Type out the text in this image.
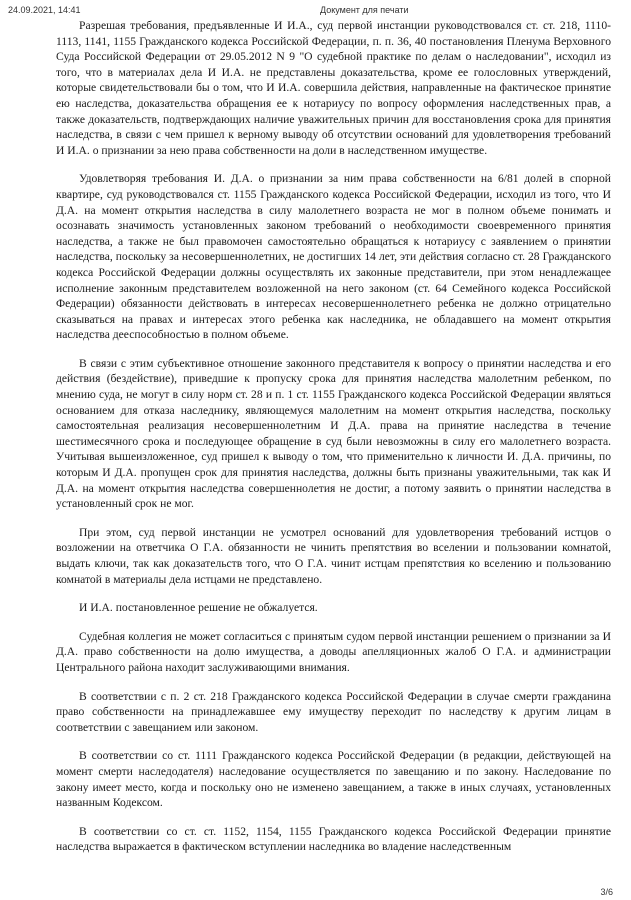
24.09.2021, 14:41	Документ для печати

Разрешая требования, предъявленные И И.А., суд первой инстанции руководствовался ст. ст. 218, 1110-1113, 1141, 1155 Гражданского кодекса Российской Федерации, п. п. 36, 40 постановления Пленума Верховного Суда Российской Федерации от 29.05.2012 N 9 "О судебной практике по делам о наследовании", исходил из того, что в материалах дела И И.А. не представлены доказательства, кроме ее голословных утверждений, которые свидетельствовали бы о том, что И И.А. совершила действия, направленные на фактическое принятие ею наследства, доказательства обращения ее к нотариусу по вопросу оформления наследственных прав, а также доказательств, подтверждающих наличие уважительных причин для восстановления срока для принятия наследства, в связи с чем пришел к верному выводу об отсутствии оснований для удовлетворения требований И И.А. о признании за нею права собственности на доли в наследственном имуществе.

Удовлетворяя требования И. Д.А. о признании за ним права собственности на 6/81 долей в спорной квартире, суд руководствовался ст. 1155 Гражданского кодекса Российской Федерации, исходил из того, что И Д.А. на момент открытия наследства в силу малолетнего возраста не мог в полном объеме понимать и осознавать значимость установленных законом требований о необходимости своевременного принятия наследства, а также не был правомочен самостоятельно обращаться к нотариусу с заявлением о принятии наследства, поскольку за несовершеннолетних, не достигших 14 лет, эти действия согласно ст. 28 Гражданского кодекса Российской Федерации должны осуществлять их законные представители, при этом ненадлежащее исполнение законным представителем возложенной на него законом (ст. 64 Семейного кодекса Российской Федерации) обязанности действовать в интересах несовершеннолетнего ребенка не должно отрицательно сказываться на правах и интересах этого ребенка как наследника, не обладавшего на момент открытия наследства дееспособностью в полном объеме.

В связи с этим субъективное отношение законного представителя к вопросу о принятии наследства и его действия (бездействие), приведшие к пропуску срока для принятия наследства малолетним ребенком, по мнению суда, не могут в силу норм ст. 28 и п. 1 ст. 1155 Гражданского кодекса Российской Федерации являться основанием для отказа наследнику, являющемуся малолетним на момент открытия наследства, поскольку самостоятельная реализация несовершеннолетним И Д.А. права на принятие наследства в течение шестимесячного срока и последующее обращение в суд были невозможны в силу его малолетнего возраста. Учитывая вышеизложенное, суд пришел к выводу о том, что применительно к личности И. Д.А. причины, по которым И Д.А. пропущен срок для принятия наследства, должны быть признаны уважительными, так как И Д.А. на момент открытия наследства совершеннолетия не достиг, а потому заявить о принятии наследства в установленный срок не мог.

При этом, суд первой инстанции не усмотрел оснований для удовлетворения требований истцов о возложении на ответчика О Г.А. обязанности не чинить препятствия во вселении и пользовании комнатой, выдать ключи, так как доказательств того, что О Г.А. чинит истцам препятствия ко вселению и пользованию комнатой в материалы дела истцами не представлено.

И И.А. постановленное решение не обжалуется.

Судебная коллегия не может согласиться с принятым судом первой инстанции решением о признании за И Д.А. право собственности на долю имущества, а доводы апелляционных жалоб О Г.А. и администрации Центрального района находит заслуживающими внимания.

В соответствии с п. 2 ст. 218 Гражданского кодекса Российской Федерации в случае смерти гражданина право собственности на принадлежавшее ему имуществу переходит по наследству к другим лицам в соответствии с завещанием или законом.

В соответствии со ст. 1111 Гражданского кодекса Российской Федерации (в редакции, действующей на момент смерти наследодателя) наследование осуществляется по завещанию и по закону. Наследование по закону имеет место, когда и поскольку оно не изменено завещанием, а также в иных случаях, установленных названным Кодексом.

В соответствии со ст. ст. 1152, 1154, 1155 Гражданского кодекса Российской Федерации принятие наследства выражается в фактическом вступлении наследника во владение наследственным

3/6
